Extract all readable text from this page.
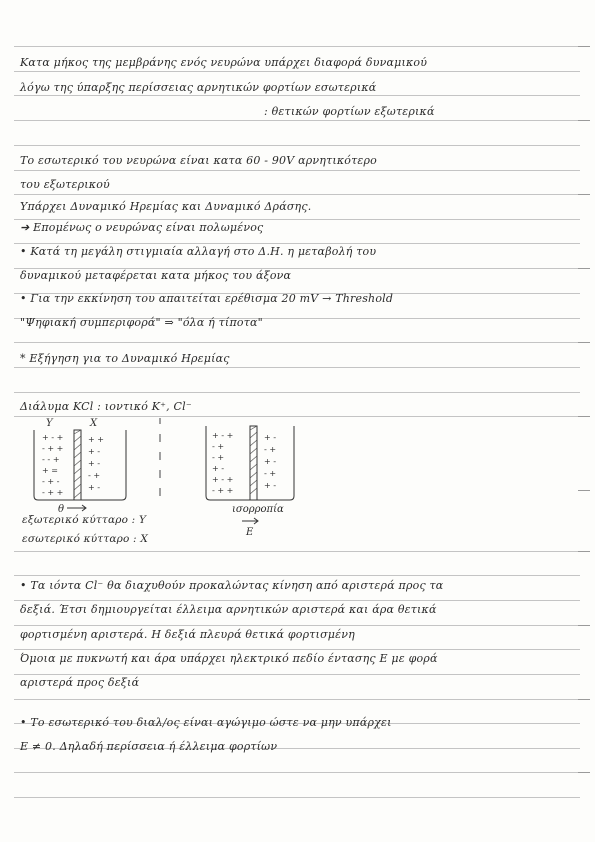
Κατα μήκος της μεμβράνης ενός νευρώνα υπάρχει διαφορά δυναμικού
λόγω της ύπαρξης περίσσειας αρνητικών φορτίων εσωτερικά
: θετικών φορτίων εξωτερικά
Το εσωτερικό του νευρώνα είναι κατα 60 - 90V αρνητικότερο
του εξωτερικού
Υπάρχει Δυναμικό Ηρεμίας και Δυναμικό Δράσης.
➔ Επομένως ο νευρώνας είναι πολωμένος
• Κατά τη μεγάλη στιγμιαία αλλαγή στο Δ.Η. η μεταβολή του
δυναμικού μεταφέρεται κατα μήκος του άξονα
• Για την εκκίνηση του απαιτείται ερέθισμα 20 mV → Threshold
"Ψηφιακή συμπεριφορά" ⇒ "όλα ή τίποτα"
* Εξήγηση για το Δυναμικό Ηρεμίας
Διάλυμα KCl : ιοντικό K⁺, Cl⁻
Y	X
+ - +
- + +
- - +
+ =
- + -
- + +
+ +
+ -
+ -
- +
+ -
θ
+ - +
- +
- +
+ -
+ - +
- + +
+ -
- +
+ -
- +
+ -
ισορροπία
E
εξωτερικό κύτταρο : Y
εσωτερικό κύτταρο : X
• Τα ιόντα Cl⁻ θα διαχυθούν προκαλώντας κίνηση από αριστερά προς τα
δεξιά. Έτσι δημιουργείται έλλειμα αρνητικών αριστερά και άρα θετικά
φορτισμένη αριστερά. Η δεξιά πλευρά θετικά φορτισμένη
Όμοια με πυκνωτή και άρα υπάρχει ηλεκτρικό πεδίο έντασης E με φορά
αριστερά προς δεξιά
• Το εσωτερικό του διαλ/ος είναι αγώγιμο ώστε να μην υπάρχει
E ≠ 0. Δηλαδή περίσσεια ή έλλειμα φορτίων
